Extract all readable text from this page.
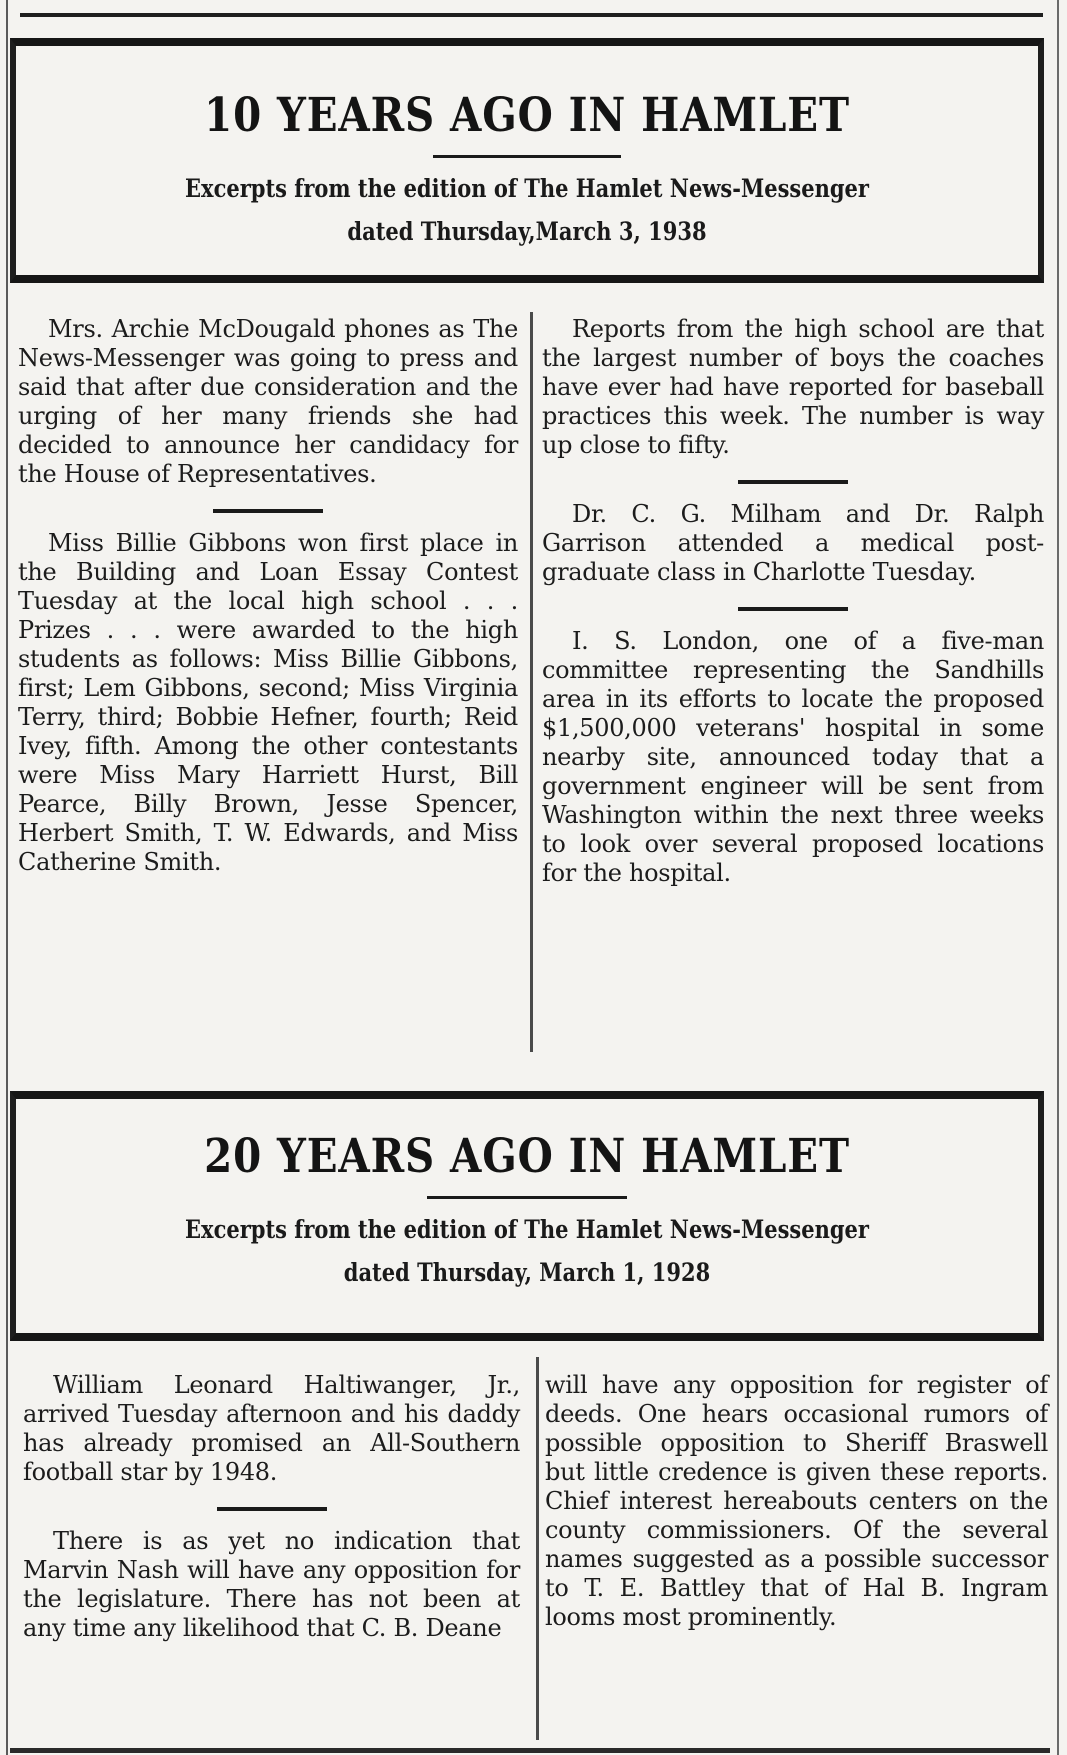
10 YEARS AGO IN HAMLET
Excerpts from the edition of The Hamlet News-Messenger
dated Thursday,March 3, 1938

Mrs. Archie McDougald phones as The News-Messenger was going to press and said that after due consideration and the urging of her many friends she had decided to announce her candidacy for the House of Representatives.

Miss Billie Gibbons won first place in the Building and Loan Essay Contest Tuesday at the local high school . . . Prizes . . . were awarded to the high students as follows: Miss Billie Gibbons, first; Lem Gibbons, second; Miss Virginia Terry, third; Bobbie Hefner, fourth; Reid Ivey, fifth. Among the other contestants were Miss Mary Harriett Hurst, Bill Pearce, Billy Brown, Jesse Spencer, Herbert Smith, T. W. Edwards, and Miss Catherine Smith.

Reports from the high school are that the largest number of boys the coaches have ever had have reported for baseball practices this week. The number is way up close to fifty.

Dr. C. G. Milham and Dr. Ralph Garrison attended a medical post-graduate class in Charlotte Tuesday.

I. S. London, one of a five-man committee representing the Sandhills area in its efforts to locate the proposed $1,500,000 veterans' hospital in some nearby site, announced today that a government engineer will be sent from Washington within the next three weeks to look over several proposed locations for the hospital.

20 YEARS AGO IN HAMLET
Excerpts from the edition of The Hamlet News-Messenger
dated Thursday, March 1, 1928

William Leonard Haltiwanger, Jr., arrived Tuesday afternoon and his daddy has already promised an All-Southern football star by 1948.

There is as yet no indication that Marvin Nash will have any opposition for the legislature. There has not been at any time any likelihood that C. B. Deane

will have any opposition for register of deeds. One hears occasional rumors of possible opposition to Sheriff Braswell but little credence is given these reports. Chief interest hereabouts centers on the county commissioners. Of the several names suggested as a possible successor to T. E. Battley that of Hal B. Ingram looms most prominently.
